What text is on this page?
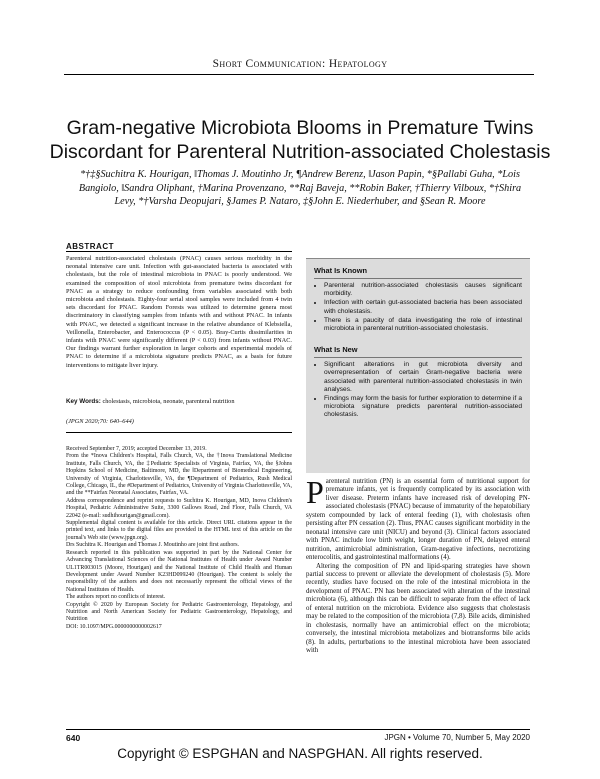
Short Communication: Hepatology
Gram-negative Microbiota Blooms in Premature Twins Discordant for Parenteral Nutrition-associated Cholestasis
*†‡§Suchitra K. Hourigan, ‖Thomas J. Moutinho Jr, ¶Andrew Berenz, ‖Jason Papin, *§Pallabi Guha, *Lois Bangiolo, ‖Sandra Oliphant, †Marina Provenzano, **Raj Baveja, **Robin Baker, †Thierry Vilboux, *†Shira Levy, *†Varsha Deopujari, §James P. Nataro, ‡§John E. Niederhuber, and §Sean R. Moore
ABSTRACT

Parenteral nutrition-associated cholestasis (PNAC) causes serious morbidity in the neonatal intensive care unit. Infection with gut-associated bacteria is associated with cholestasis, but the role of intestinal microbiota in PNAC is poorly understood. We examined the composition of stool microbiota from premature twins discordant for PNAC as a strategy to reduce confounding from variables associated with both microbiota and cholestasis. Eighty-four serial stool samples were included from 4 twin sets discordant for PNAC. Random Forests was utilized to determine genera most discriminatory in classifying samples from infants with and without PNAC. In infants with PNAC, we detected a significant increase in the relative abundance of Klebsiella, Veillonella, Enterobacter, and Enterococcus (P < 0.05). Bray-Curtis dissimilarities in infants with PNAC were significantly different (P < 0.03) from infants without PNAC. Our findings warrant further exploration in larger cohorts and experimental models of PNAC to determine if a microbiota signature predicts PNAC, as a basis for future interventions to mitigate liver injury.

Key Words: cholestasis, microbiota, neonate, parenteral nutrition

(JPGN 2020;70: 640–644)

What Is Known
• Parenteral nutrition-associated cholestasis causes significant morbidity.
• Infection with certain gut-associated bacteria has been associated with cholestasis.
• There is a paucity of data investigating the role of intestinal microbiota in parenteral nutrition-associated cholestasis.
What Is New
• Significant alterations in gut microbiota diversity and overrepresentation of certain Gram-negative bacteria were associated with parenteral nutrition-associated cholestasis in twin analyses.
• Findings may form the basis for further exploration to determine if a microbiota signature predicts parenteral nutrition-associated cholestasis.

Received September 7, 2019; accepted December 13, 2019.

From the *Inova Children's Hospital, Falls Church, VA, the †Inova Translational Medicine Institute, Falls Church, VA, the ‡Pediatric Specialists of Virginia, Fairfax, VA, the §Johns Hopkins School of Medicine, Baltimore, MD, the ‖Department of Biomedical Engineering, University of Virginia, Charlottesville, VA, the ¶Department of Pediatrics, Rush Medical College, Chicago, IL, the #Department of Pediatrics, University of Virginia Charlottesville, VA, and the **Fairfax Neonatal Associates, Fairfax, VA.

Address correspondence and reprint requests to Suchitra K. Hourigan, MD, Inova Children's Hospital, Pediatric Administrative Suite, 3300 Gallows Road, 2nd Floor, Falls Church, VA 22042 (e-mail: sudhihourigan@gmail.com).

Supplemental digital content is available for this article. Direct URL citations appear in the printed text, and links to the digital files are provided in the HTML text of this article on the journal's Web site (www.jpgn.org).

Drs Suchitra K. Hourigan and Thomas J. Moutinho are joint first authors.

Research reported in this publication was supported in part by the National Center for Advancing Translational Sciences of the National Institutes of Health under Award Number UL1TR003015 (Moore, Hourigan) and the National Institute of Child Health and Human Development under Award Number K23HD099240 (Hourigan). The content is solely the responsibility of the authors and does not necessarily represent the official views of the National Institutes of Health.

The authors report no conflicts of interest.

Copyright © 2020 by European Society for Pediatric Gastroenterology, Hepatology, and Nutrition and North American Society for Pediatric Gastroenterology, Hepatology, and Nutrition

DOI: 10.1097/MPG.0000000000002617

Parenteral nutrition (PN) is an essential form of nutritional support for premature infants, yet is frequently complicated by its association with liver disease. Preterm infants have increased risk of developing PN-associated cholestasis (PNAC) because of immaturity of the hepatobiliary system compounded by lack of enteral feeding (1), with cholestasis often persisting after PN cessation (2). Thus, PNAC causes significant morbidity in the neonatal intensive care unit (NICU) and beyond (3). Clinical factors associated with PNAC include low birth weight, longer duration of PN, delayed enteral nutrition, antimicrobial administration, Gram-negative infections, necrotizing enterocolitis, and gastrointestinal malformations (4).

Altering the composition of PN and lipid-sparing strategies have shown partial success to prevent or alleviate the development of cholestasis (5). More recently, studies have focused on the role of the intestinal microbiota in the development of PNAC. PN has been associated with alteration of the intestinal microbiota (6), although this can be difficult to separate from the effect of lack of enteral nutrition on the microbiota. Evidence also suggests that cholestasis may be related to the composition of the microbiota (7,8). Bile acids, diminished in cholestasis, normally have an antimicrobial effect on the microbiota; conversely, the intestinal microbiota metabolizes and biotransforms bile acids (8). In adults, perturbations to the intestinal microbiota have been associated with

640	JPGN • Volume 70, Number 5, May 2020
Copyright © ESPGHAN and NASPGHAN. All rights reserved.
